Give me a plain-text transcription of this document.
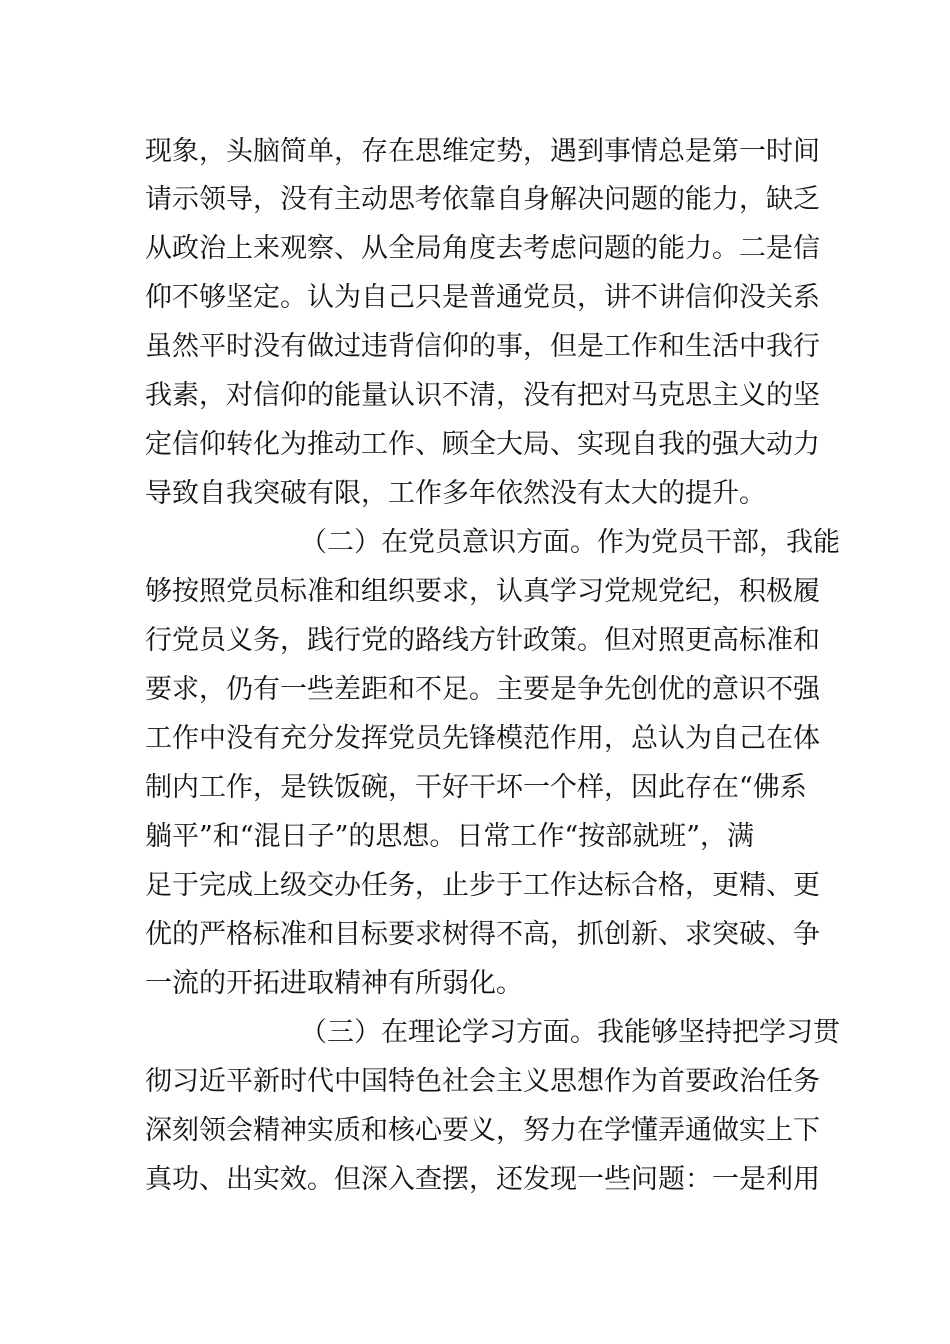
现象，头脑简单，存在思维定势，遇到事情总是第一时间
请示领导，没有主动思考依靠自身解决问题的能力，缺乏
从政治上来观察、从全局角度去考虑问题的能力。二是信
仰不够坚定。认为自己只是普通党员，讲不讲信仰没关系
虽然平时没有做过违背信仰的事，但是工作和生活中我行
我素，对信仰的能量认识不清，没有把对马克思主义的坚
定信仰转化为推动工作、顾全大局、实现自我的强大动力
导致自我突破有限，工作多年依然没有太大的提升。
（二）在党员意识方面。作为党员干部，我能
够按照党员标准和组织要求，认真学习党规党纪，积极履
行党员义务，践行党的路线方针政策。但对照更高标准和
要求，仍有一些差距和不足。主要是争先创优的意识不强
工作中没有充分发挥党员先锋模范作用，总认为自己在体
制内工作，是铁饭碗，干好干坏一个样，因此存在“佛系
躺平”和“混日子”的思想。日常工作“按部就班”，满
足于完成上级交办任务，止步于工作达标合格，更精、更
优的严格标准和目标要求树得不高，抓创新、求突破、争
一流的开拓进取精神有所弱化。
（三）在理论学习方面。我能够坚持把学习贯
彻习近平新时代中国特色社会主义思想作为首要政治任务
深刻领会精神实质和核心要义，努力在学懂弄通做实上下
真功、出实效。但深入查摆，还发现一些问题：一是利用
